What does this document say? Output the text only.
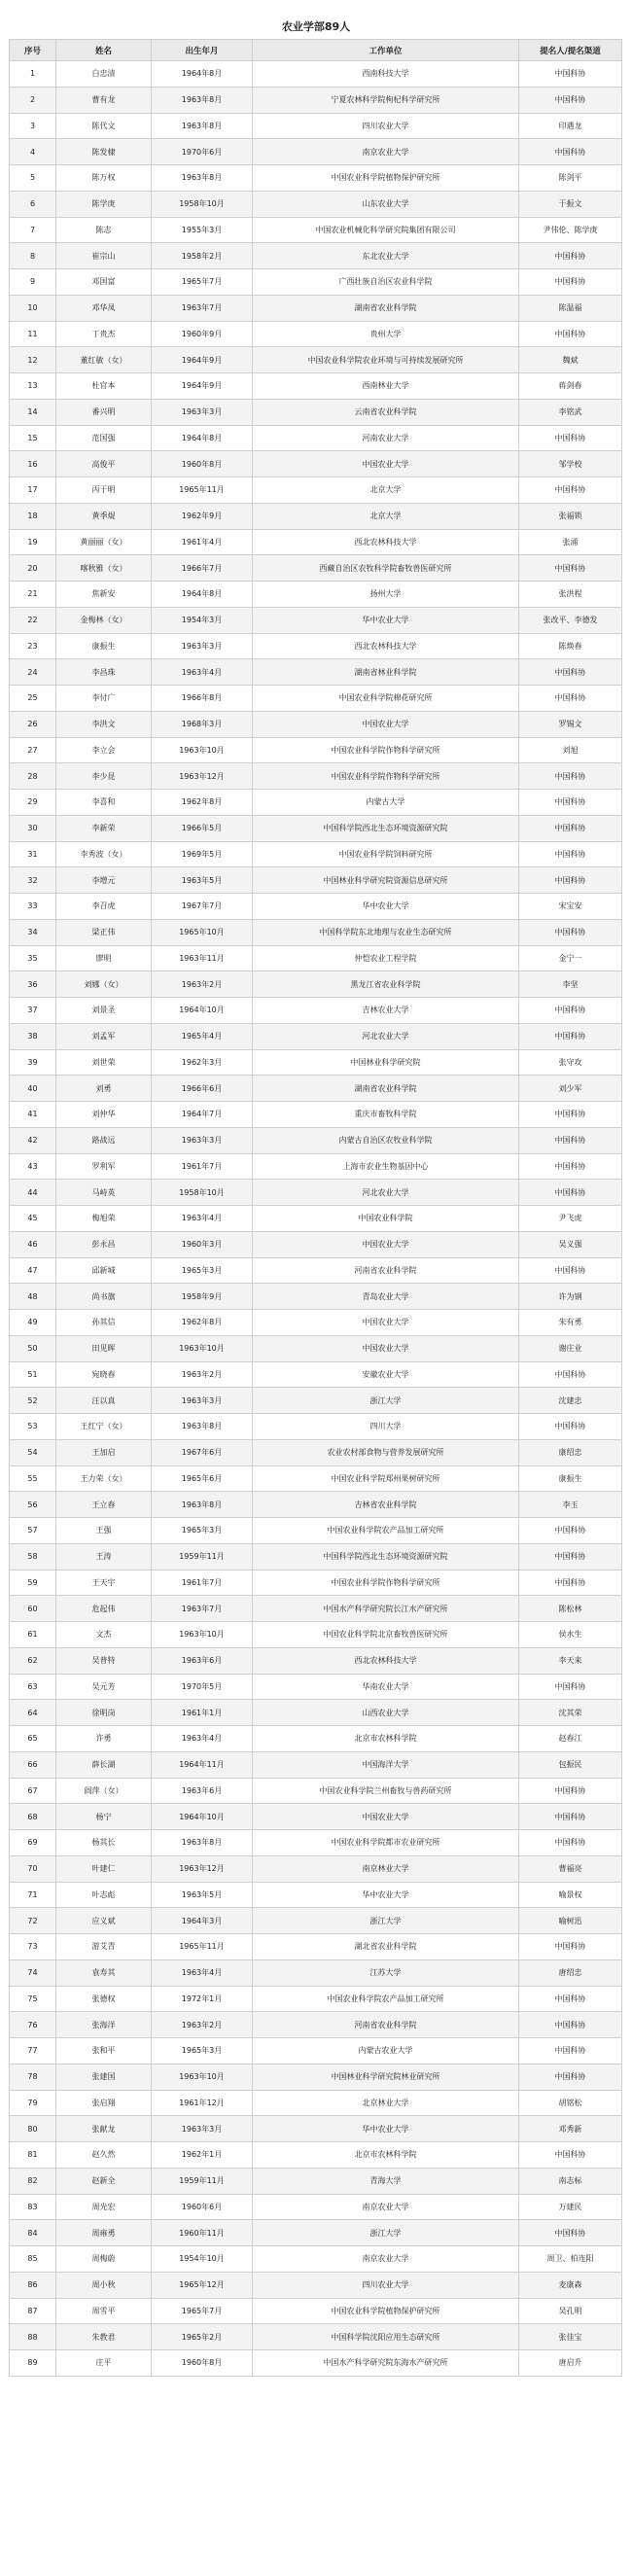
农业学部89人
序号	姓名	出生年月	工作单位	提名人/提名渠道
1	白忠清	1964年8月	西南科技大学	中国科协
2	曹有龙	1963年8月	宁夏农林科学院枸杞科学研究所	中国科协
3	陈代文	1963年8月	四川农业大学	印遇龙
4	陈发棣	1970年6月	南京农业大学	中国科协
5	陈万权	1963年8月	中国农业科学院植物保护研究所	陈剑平
6	陈学庚	1958年10月	山东农业大学	于振文
7	陈志	1955年3月	中国农业机械化科学研究院集团有限公司	尹伟伦、陈学庚
8	崔宗山	1958年2月	东北农业大学	中国科协
9	邓国富	1965年7月	广西壮族自治区农业科学院	中国科协
10	邓华凤	1963年7月	湖南省农业科学院	陈温福
11	丁贵杰	1960年9月	贵州大学	中国科协
12	董红敏（女）	1964年9月	中国农业科学院农业环境与可持续发展研究所	魏斌
13	杜官本	1964年9月	西南林业大学	蒋剑春
14	番兴明	1963年3月	云南省农业科学院	李铭武
15	范国强	1964年8月	河南农业大学	中国科协
16	高俊平	1960年8月	中国农业大学	邹学校
17	丙于明	1965年11月	北京大学	中国科协
18	黄季焜	1962年9月	北京大学	张福锁
19	黄丽丽（女）	1961年4月	西北农林科技大学	张涌
20	喀秋雅（女）	1966年7月	西藏自治区农牧科学院畜牧兽医研究所	中国科协
21	焦新安	1964年8月	扬州大学	张洪程
22	金梅林（女）	1954年3月	华中农业大学	张改平、李德发
23	康振生	1963年3月	西北农林科技大学	陈焕春
24	李昌珠	1963年4月	湖南省林业科学院	中国科协
25	李付广	1966年8月	中国农业科学院棉花研究所	中国科协
26	李洪文	1968年3月	中国农业大学	罗锡文
27	李立会	1963年10月	中国农业科学院作物科学研究所	刘旭
28	李少昆	1963年12月	中国农业科学院作物科学研究所	中国科协
29	李喜和	1962年8月	内蒙古大学	中国科协
30	李新荣	1966年5月	中国科学院西北生态环境资源研究院	中国科协
31	李秀波（女）	1969年5月	中国农业科学院饲料研究所	中国科协
32	李增元	1963年5月	中国林业科学研究院资源信息研究所	中国科协
33	李召虎	1967年7月	华中农业大学	宋宝安
34	梁正伟	1965年10月	中国科学院东北地理与农业生态研究所	中国科协
35	廖明	1963年11月	仲恺农业工程学院	金宁一
36	刘娜（女）	1963年2月	黑龙江省农业科学院	李坚
37	刘景圣	1964年10月	吉林农业大学	中国科协
38	刘孟军	1965年4月	河北农业大学	中国科协
39	刘世荣	1962年3月	中国林业科学研究院	张守攻
40	刘勇	1966年6月	湖南省农业科学院	刘少军
41	刘仲华	1964年7月	重庆市畜牧科学院	中国科协
42	路战远	1963年3月	内蒙古自治区农牧业科学院	中国科协
43	罗利军	1961年7月	上海市农业生物基因中心	中国科协
44	马峙英	1958年10月	河北农业大学	中国科协
45	梅旭荣	1963年4月	中国农业科学院	尹飞虎
46	彭永昌	1960年3月	中国农业大学	吴义强
47	邱新城	1965年3月	河南省农业科学院	中国科协
48	尚书旗	1958年9月	青岛农业大学	许为钢
49	孙其信	1962年8月	中国农业大学	朱有勇
50	田见晖	1963年10月	中国农业大学	谢庄业
51	宛晓春	1963年2月	安徽农业大学	中国科协
52	汪以真	1963年3月	浙江大学	沈建忠
53	王红宁（女）	1963年8月	四川大学	中国科协
54	王加启	1967年6月	农业农村部食物与营养发展研究所	康绍忠
55	王力荣（女）	1965年6月	中国农业科学院郑州果树研究所	康振生
56	王立春	1963年8月	吉林省农业科学院	李玉
57	王强	1965年3月	中国农业科学院农产品加工研究所	中国科协
58	王涛	1959年11月	中国科学院西北生态环境资源研究院	中国科协
59	王天宇	1961年7月	中国农业科学院作物科学研究所	中国科协
60	危起伟	1963年7月	中国水产科学研究院长江水产研究所	陈松林
61	文杰	1963年10月	中国农业科学院北京畜牧兽医研究所	侯水生
62	吴普特	1963年6月	西北农林科技大学	李天来
63	吴元芳	1970年5月	华南农业大学	中国科协
64	徐明岗	1961年1月	山西农业大学	沈其荣
65	许勇	1963年4月	北京市农林科学院	赵春江
66	薛长湖	1964年11月	中国海洋大学	包振民
67	阎萍（女）	1963年6月	中国农业科学院兰州畜牧与兽药研究所	中国科协
68	杨宁	1964年10月	中国农业大学	中国科协
69	杨其长	1963年8月	中国农业科学院都市农业研究所	中国科协
70	叶建仁	1963年12月	南京林业大学	曹福亮
71	叶志彪	1963年5月	华中农业大学	喻景权
72	应义斌	1964年3月	浙江大学	喻树迅
73	游艾青	1965年11月	湖北省农业科学院	中国科协
74	袁寿其	1963年4月	江苏大学	唐绍忠
75	张德权	1972年1月	中国农业科学院农产品加工研究所	中国科协
76	张海洋	1963年2月	河南省农业科学院	中国科协
77	张和平	1965年3月	内蒙古农业大学	中国科协
78	张建国	1963年10月	中国林业科学研究院林业研究所	中国科协
79	张启翔	1961年12月	北京林业大学	胡铭松
80	张献龙	1963年3月	华中农业大学	邓秀新
81	赵久然	1962年1月	北京市农林科学院	中国科协
82	赵新全	1959年11月	青海大学	南志标
83	周光宏	1960年6月	南京农业大学	万建民
84	周雍勇	1960年11月	浙江大学	中国科协
85	周梅蔚	1954年10月	南京农业大学	周卫、柏连阳
86	周小秋	1965年12月	四川农业大学	麦康森
87	周雪平	1965年7月	中国农业科学院植物保护研究所	吴孔明
88	朱教君	1965年2月	中国科学院沈阳应用生态研究所	张佳宝
89	庄平	1960年8月	中国水产科学研究院东海水产研究所	唐启升
